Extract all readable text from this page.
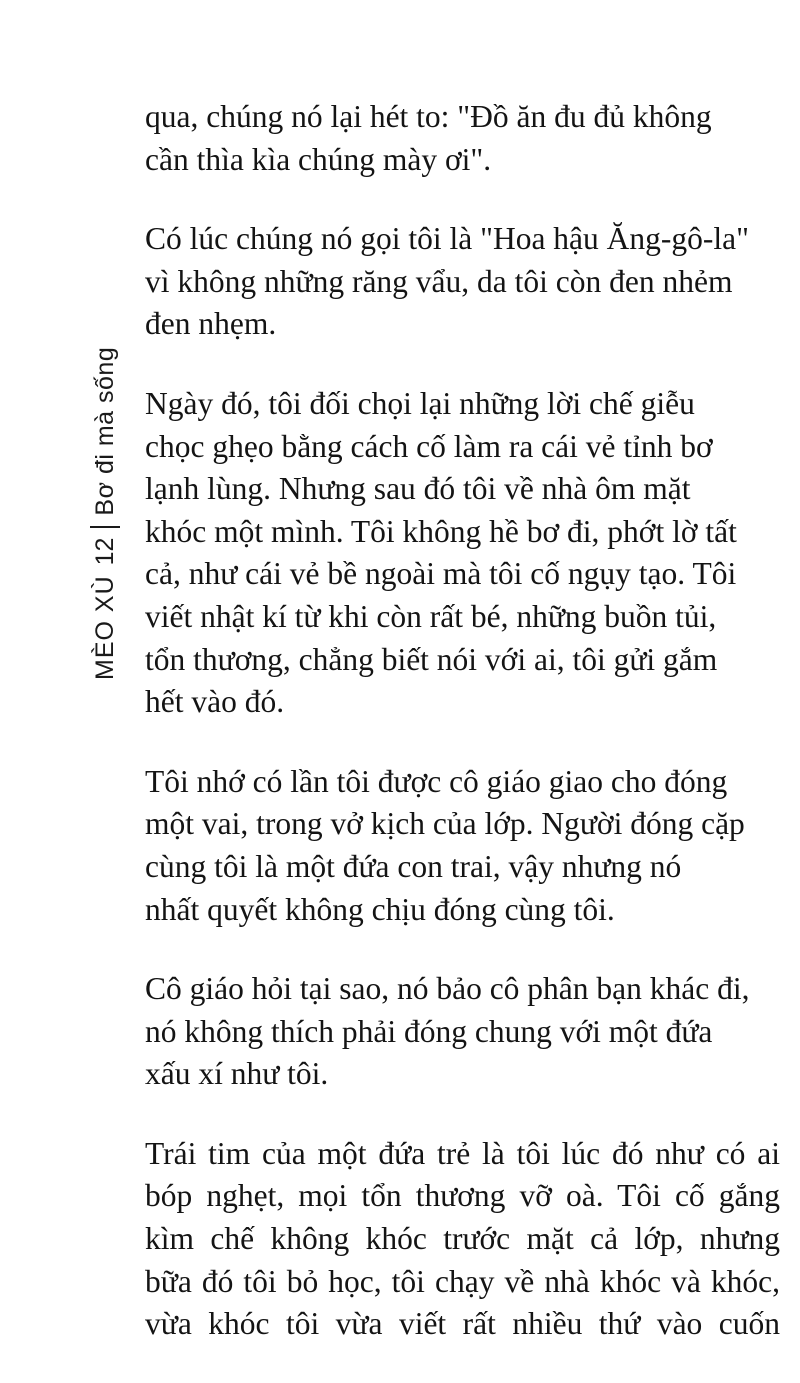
MÈO XÙ
12
Bơ đi mà sống

qua, chúng nó lại hét to: "Đồ ăn đu đủ không
cần thìa kìa chúng mày ơi".

Có lúc chúng nó gọi tôi là "Hoa hậu Ăng-gô-la"
vì không những răng vẩu, da tôi còn đen nhẻm
đen nhẹm.

Ngày đó, tôi đối chọi lại những lời chế giễu
chọc ghẹo bằng cách cố làm ra cái vẻ tỉnh bơ
lạnh lùng. Nhưng sau đó tôi về nhà ôm mặt
khóc một mình. Tôi không hề bơ đi, phớt lờ tất
cả, như cái vẻ bề ngoài mà tôi cố ngụy tạo. Tôi
viết nhật kí từ khi còn rất bé, những buồn tủi,
tổn thương, chẳng biết nói với ai, tôi gửi gắm
hết vào đó.

Tôi nhớ có lần tôi được cô giáo giao cho đóng
một vai, trong vở kịch của lớp. Người đóng cặp
cùng tôi là một đứa con trai, vậy nhưng nó
nhất quyết không chịu đóng cùng tôi.

Cô giáo hỏi tại sao, nó bảo cô phân bạn khác đi,
nó không thích phải đóng chung với một đứa
xấu xí như tôi.

Trái tim của một đứa trẻ là tôi lúc đó như có ai
bóp nghẹt, mọi tổn thương vỡ oà. Tôi cố gắng
kìm chế không khóc trước mặt cả lớp, nhưng
bữa đó tôi bỏ học, tôi chạy về nhà khóc và khóc,
vừa khóc tôi vừa viết rất nhiều thứ vào cuốn
